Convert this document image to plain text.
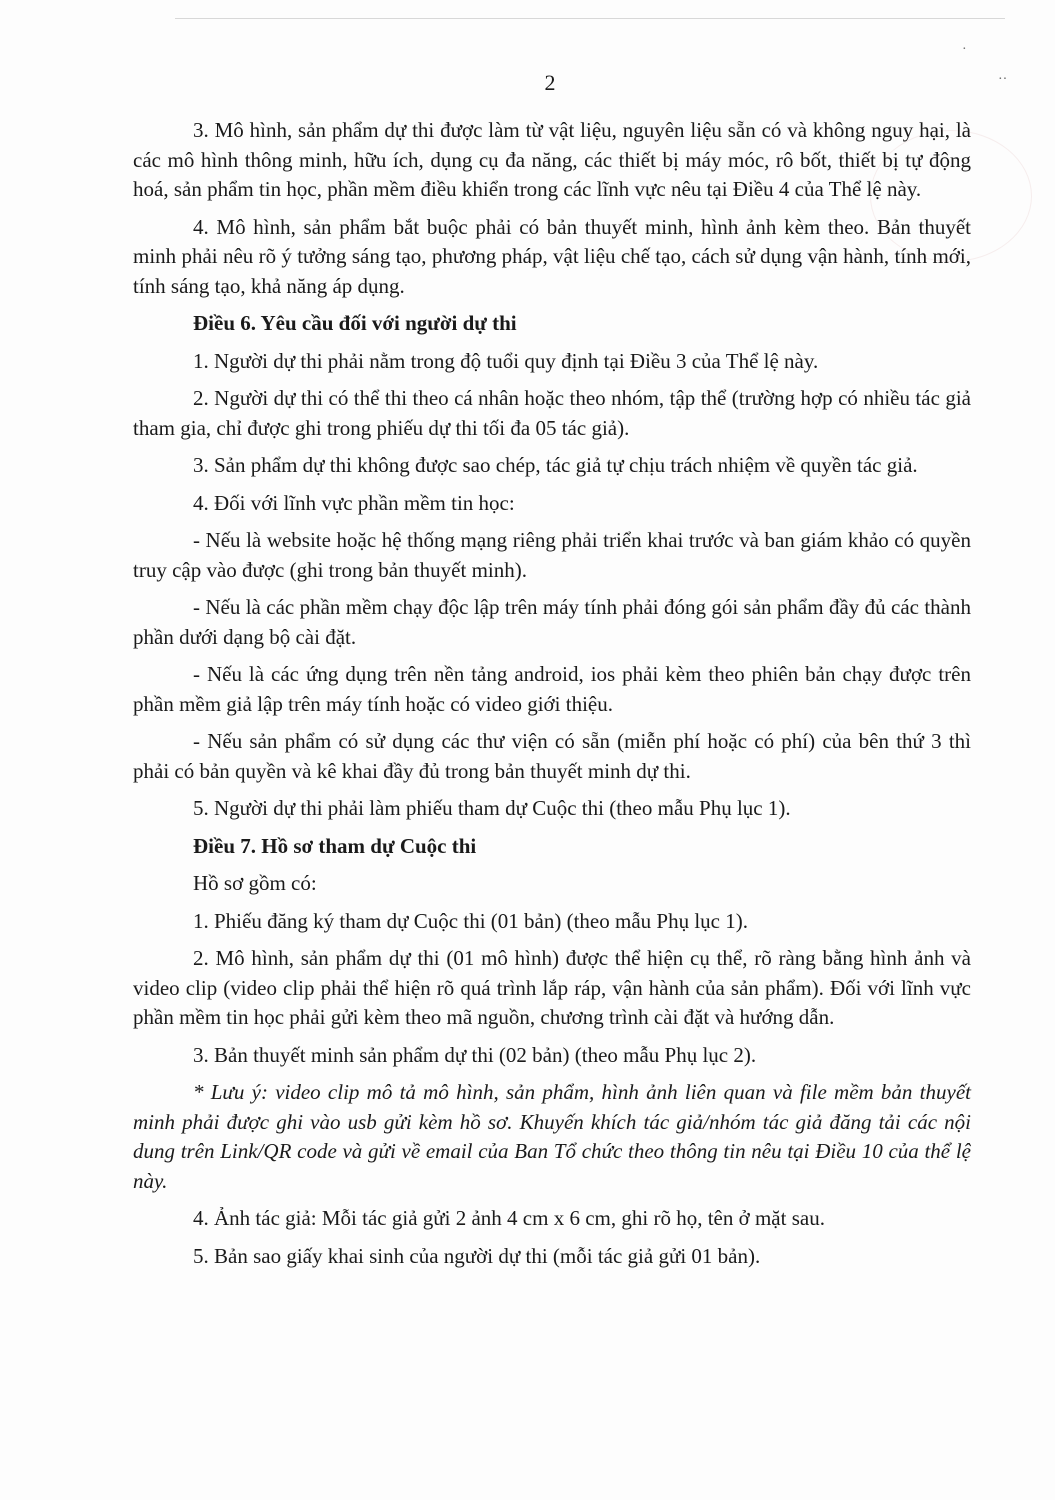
·
··
2

3. Mô hình, sản phẩm dự thi được làm từ vật liệu, nguyên liệu sẵn có và không nguy hại, là các mô hình thông minh, hữu ích, dụng cụ đa năng, các thiết bị máy móc, rô bốt, thiết bị tự động hoá, sản phẩm tin học, phần mềm điều khiển trong các lĩnh vực nêu tại Điều 4 của Thể lệ này.

4. Mô hình, sản phẩm bắt buộc phải có bản thuyết minh, hình ảnh kèm theo. Bản thuyết minh phải nêu rõ ý tưởng sáng tạo, phương pháp, vật liệu chế tạo, cách sử dụng vận hành, tính mới, tính sáng tạo, khả năng áp dụng.

Điều 6. Yêu cầu đối với người dự thi

1. Người dự thi phải nằm trong độ tuổi quy định tại Điều 3 của Thể lệ này.

2. Người dự thi có thể thi theo cá nhân hoặc theo nhóm, tập thể (trường hợp có nhiều tác giả tham gia, chỉ được ghi trong phiếu dự thi tối đa 05 tác giả).

3. Sản phẩm dự thi không được sao chép, tác giả tự chịu trách nhiệm về quyền tác giả.

4. Đối với lĩnh vực phần mềm tin học:

- Nếu là website hoặc hệ thống mạng riêng phải triển khai trước và ban giám khảo có quyền truy cập vào được (ghi trong bản thuyết minh).

- Nếu là các phần mềm chạy độc lập trên máy tính phải đóng gói sản phẩm đầy đủ các thành phần dưới dạng bộ cài đặt.

- Nếu là các ứng dụng trên nền tảng android, ios phải kèm theo phiên bản chạy được trên phần mềm giả lập trên máy tính hoặc có video giới thiệu.

- Nếu sản phẩm có sử dụng các thư viện có sẵn (miễn phí hoặc có phí) của bên thứ 3 thì phải có bản quyền và kê khai đầy đủ trong bản thuyết minh dự thi.

5. Người dự thi phải làm phiếu tham dự Cuộc thi (theo mẫu Phụ lục 1).

Điều 7. Hồ sơ tham dự Cuộc thi

Hồ sơ gồm có:

1. Phiếu đăng ký tham dự Cuộc thi (01 bản) (theo mẫu Phụ lục 1).

2. Mô hình, sản phẩm dự thi (01 mô hình) được thể hiện cụ thể, rõ ràng bằng hình ảnh và video clip (video clip phải thể hiện rõ quá trình lắp ráp, vận hành của sản phẩm). Đối với lĩnh vực phần mềm tin học phải gửi kèm theo mã nguồn, chương trình cài đặt và hướng dẫn.

3. Bản thuyết minh sản phẩm dự thi (02 bản) (theo mẫu Phụ lục 2).

* Lưu ý: video clip mô tả mô hình, sản phẩm, hình ảnh liên quan và file mềm bản thuyết minh phải được ghi vào usb gửi kèm hồ sơ. Khuyến khích tác giả/nhóm tác giả đăng tải các nội dung trên Link/QR code và gửi về email của Ban Tổ chức theo thông tin nêu tại Điều 10 của thể lệ này.

4. Ảnh tác giả: Mỗi tác giả gửi 2 ảnh 4 cm x 6 cm, ghi rõ họ, tên ở mặt sau.

5. Bản sao giấy khai sinh của người dự thi (mỗi tác giả gửi 01 bản).
